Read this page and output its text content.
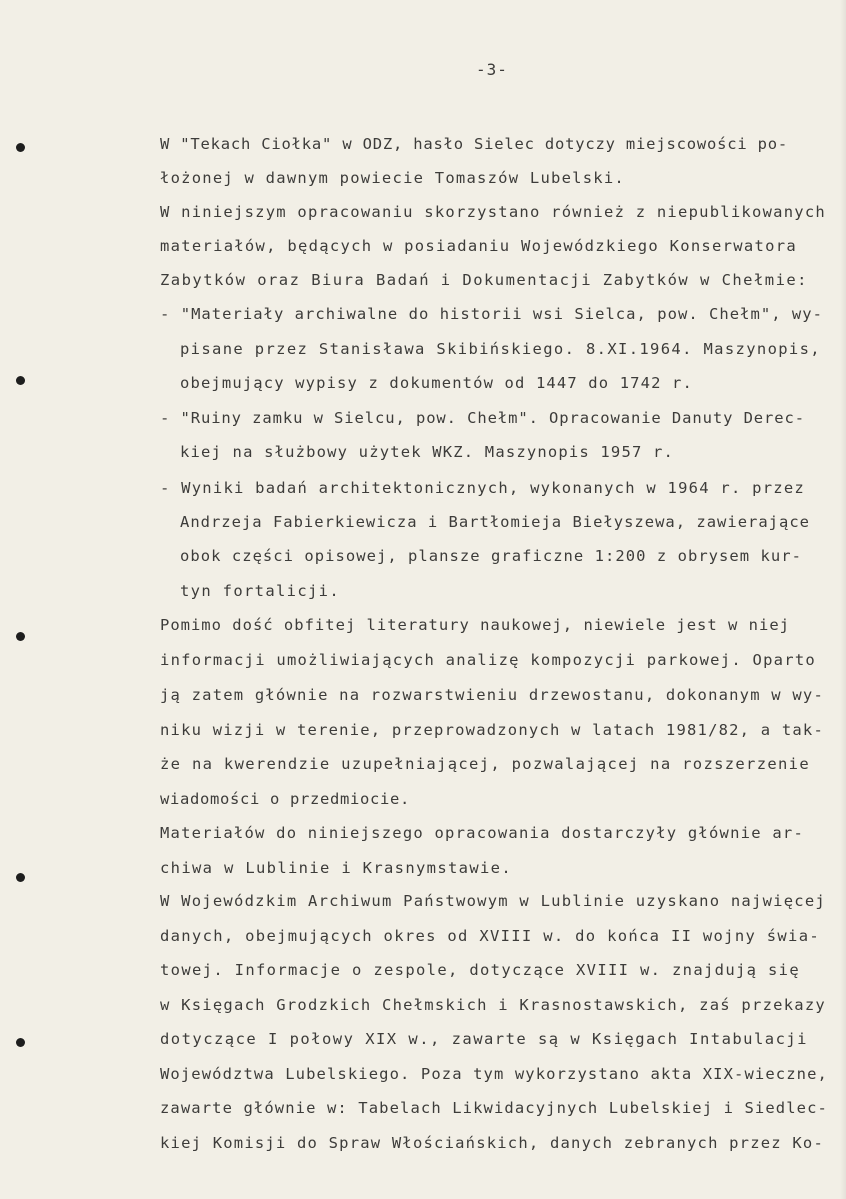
-3-
W "Tekach Ciołka" w ODZ, hasło Sielec dotyczy miejscowości po-
łożonej w dawnym powiecie Tomaszów Lubelski.
W niniejszym opracowaniu skorzystano również z niepublikowanych
materiałów, będących w posiadaniu Wojewódzkiego Konserwatora
Zabytków oraz Biura Badań i Dokumentacji Zabytków w Chełmie:
- "Materiały archiwalne do historii wsi Sielca, pow. Chełm", wy-
pisane przez Stanisława Skibińskiego. 8.XI.1964. Maszynopis,
obejmujący wypisy z dokumentów od 1447 do 1742 r.
- "Ruiny zamku w Sielcu, pow. Chełm". Opracowanie Danuty Derec-
kiej na służbowy użytek WKZ. Maszynopis 1957 r.
- Wyniki badań architektonicznych, wykonanych w 1964 r. przez
Andrzeja Fabierkiewicza i Bartłomieja Biełyszewa, zawierające
obok części opisowej, plansze graficzne 1:200 z obrysem kur-
tyn fortalicji.
Pomimo dość obfitej literatury naukowej, niewiele jest w niej
informacji umożliwiających analizę kompozycji parkowej. Oparto
ją zatem głównie na rozwarstwieniu drzewostanu, dokonanym w wy-
niku wizji w terenie, przeprowadzonych w latach 1981/82, a tak-
że na kwerendzie uzupełniającej, pozwalającej na rozszerzenie
wiadomości o przedmiocie.
Materiałów do niniejszego opracowania dostarczyły głównie ar-
chiwa w Lublinie i Krasnymstawie.
W Wojewódzkim Archiwum Państwowym w Lublinie uzyskano najwięcej
danych, obejmujących okres od XVIII w. do końca II wojny świa-
towej. Informacje o zespole, dotyczące XVIII w. znajdują się
w Księgach Grodzkich Chełmskich i Krasnostawskich, zaś przekazy
dotyczące I połowy XIX w., zawarte są w Księgach Intabulacji
Województwa Lubelskiego. Poza tym wykorzystano akta XIX-wieczne,
zawarte głównie w: Tabelach Likwidacyjnych Lubelskiej i Siedlec-
kiej Komisji do Spraw Włościańskich, danych zebranych przez Ko-
